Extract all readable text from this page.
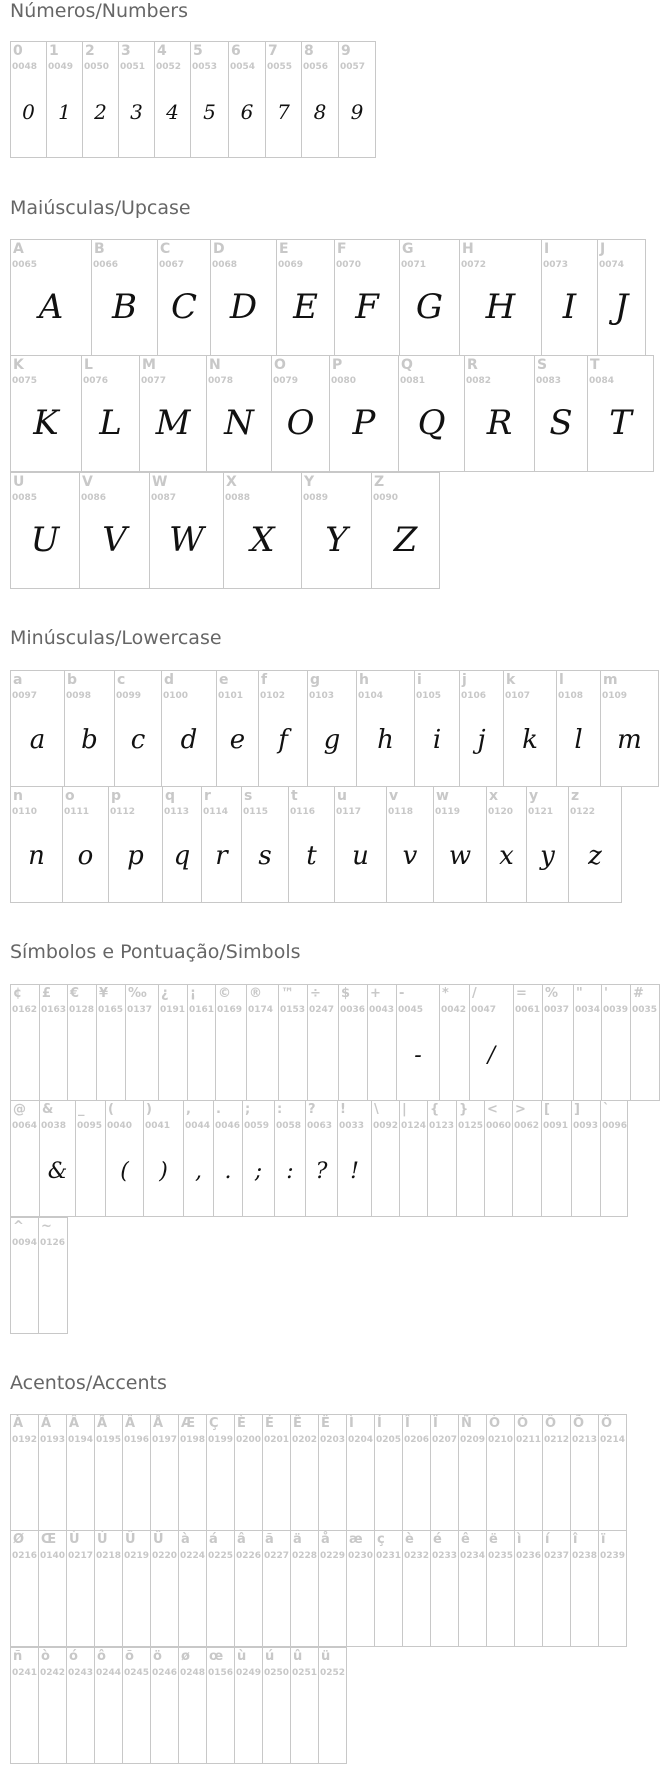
Números/Numbers
0
0048
0
1
0049
1
2
0050
2
3
0051
3
4
0052
4
5
0053
5
6
0054
6
7
0055
7
8
0056
8
9
0057
9
Maiúsculas/Upcase
A
0065
A
B
0066
B
C
0067
C
D
0068
D
E
0069
E
F
0070
F
G
0071
G
H
0072
H
I
0073
I
J
0074
J
K
0075
K
L
0076
L
M
0077
M
N
0078
N
O
0079
O
P
0080
P
Q
0081
Q
R
0082
R
S
0083
S
T
0084
T
U
0085
U
V
0086
V
W
0087
W
X
0088
X
Y
0089
Y
Z
0090
Z
Minúsculas/Lowercase
a
0097
a
b
0098
b
c
0099
c
d
0100
d
e
0101
e
f
0102
f
g
0103
g
h
0104
h
i
0105
i
j
0106
j
k
0107
k
l
0108
l
m
0109
m
n
0110
n
o
0111
o
p
0112
p
q
0113
q
r
0114
r
s
0115
s
t
0116
t
u
0117
u
v
0118
v
w
0119
w
x
0120
x
y
0121
y
z
0122
z
Símbolos e Pontuação/Simbols
¢
0162
£
0163
€
0128
¥
0165
‰
0137
¿
0191
¡
0161
©
0169
®
0174
™
0153
÷
0247
$
0036
+
0043
-
0045
-
*
0042
/
0047
/
=
0061
%
0037
"
0034
'
0039
#
0035
@
0064
&
0038
&
_
0095
(
0040
(
)
0041
)
,
0044
,
.
0046
.
;
0059
;
:
0058
:
?
0063
?
!
0033
!
\
0092
|
0124
{
0123
}
0125
<
0060
>
0062
[
0091
]
0093
`
0096
^
0094
~
0126
Acentos/Accents
À
0192
Á
0193
Â
0194
Ã
0195
Ä
0196
Å
0197
Æ
0198
Ç
0199
È
0200
É
0201
Ê
0202
Ë
0203
Ì
0204
Í
0205
Î
0206
Ï
0207
Ñ
0209
Ò
0210
Ó
0211
Ô
0212
Õ
0213
Ö
0214
Ø
0216
Œ
0140
Ù
0217
Ú
0218
Û
0219
Ü
0220
à
0224
á
0225
â
0226
ã
0227
ä
0228
å
0229
æ
0230
ç
0231
è
0232
é
0233
ê
0234
ë
0235
ì
0236
í
0237
î
0238
ï
0239
ñ
0241
ò
0242
ó
0243
ô
0244
õ
0245
ö
0246
ø
0248
œ
0156
ù
0249
ú
0250
û
0251
ü
0252
